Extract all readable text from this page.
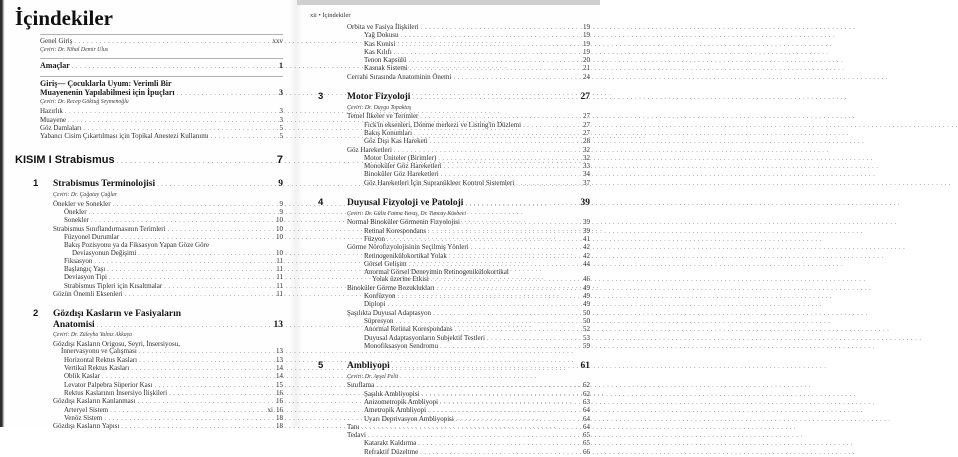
İçindekiler
Genel Giriş . . .	xxv
Çeviri: Dr. Nihal Demir Ulus
Amaçlar . . .	1
Giriş— Çocuklarla Uyum: Verimli Bir
Muayenenin Yapılabilmesi için İpuçları . . .	3
Çeviri: Dr. Recep Göktuğ Seymenoğlu
Hazırlık . . .	3
Muayene . . .	3
Göz Damlaları . . .	5
Yabancı Cisim Çıkartılması için Topikal Anestezi Kullanımı . . .	5
KISIM I Strabismus . . .	7
1	Strabismus Terminolojisi . . .	9
Çeviri: Dr. Çağatay Çağlar
Önekler ve Sonekler . . .	9
Önekler . . .	9
Sonekler . . .	10
Strabismus Sınıflandırmasının Terimleri . . .	10
Füzyonel Durumlar . . .	10
Bakış Pozisyonu ya da Fiksasyon Yapan Göze Göre
Deviasyonun Değişimi . . .	10
Fiksasyon . . .	11
Başlangıç Yaşı . . .	11
Deviasyon Tipi . . .	11
Strabismus Tipleri için Kısaltmalar . . .	11
Gözün Önemli Eksenleri . . .	11
2	Gözdışı Kasların ve Fasiyaların
Anatomisi . . .	13
Çeviri: Dr. Züleyha Yalnız Akkaya
Gözdışı Kasların Origosu, Seyri, İnsersiyosu,
İnnervasyonu ve Çalışması . . .	13
Horizontal Rektus Kasları . . .	13
Vertikal Rektus Kasları . . .	14
Oblik Kaslar . . .	14
Levator Palpebra Süperior Kası . . .	15
Rektus Kaslarının İnsersiyo İlişkileri . . .	16
Gözdışı Kasların Kanlanması . . .	16
Arteryel Sistem . . .	16
Venöz Sistem . . .	18
Gözdışı Kasların Yapısı . . .	18
xi
xii • İçindekiler
Orbita ve Fasiya İlişkileri . . .	19
Yağ Dokusu . . .	19
Kas Konisi . . .	19
Kas Kılıfı . . .	19
Tenon Kapsülü . . .	20
Kasnak Sistemi . . .	21
Cerrahi Sırasında Anatominin Önemi . . .	24
3	Motor Fizyoloji . . .	27
Çeviri: Dr. Duygu Topaktaş
Temel İlkeler ve Terimler . . .	27
Fick'in eksenleri, Dönme merkezi ve Listing'in Düzlemi . . .	27
Bakış Konumları . . .	27
Göz Dışı Kas Hareketi . . .	28
Göz Hareketleri . . .	32
Motor Üniteler (Birimler) . . .	32
Monoküler Göz Hareketleri . . .	33
Binoküler Göz Hareketleri . . .	34
Göz Hareketleri İçin Supranükleer Kontrol Sistemleri . . .	37
4	Duyusal Fizyoloji ve Patoloji . . .	39
Çeviri: Dr. Güliz Fatma Yavaş, Dr. Tuncay Küsbeci
Normal Binoküler Görmenin Fizyolojisi . . .	39
Retinal Korespondans . . .	39
Füzyon . . .	41
Görme Nörofizyolojisinin Seçilmiş Yönleri . . .	42
Retinogenikülokortikal Yolak . . .	42
Görsel Gelişim . . .	44
Anormal Görsel Deneyimin Retinogenikülokortikal
Yolak üzerine Etkisi . . .	46
Binoküler Görme Bozuklukları . . .	49
Konfüzyon . . .	49
Diplopi . . .	49
Şaşılıkta Duyusal Adaptasyon . . .	50
Süpresyon . . .	50
Anormal Retinal Korespondans . . .	52
Duyusal Adaptasyonların Subjektif Testleri . . .	53
Monofiksasyon Sendromu . . .	59
5	Ambliyopi . . .	61
Çeviri: Dr. Ayşel Pelit
Sınıflama . . .	62
Şaşılık Ambliyopisi . . .	62
Anizometropik Ambliyopi . . .	63
Ametropik Ambliyopi . . .	64
Uyarı Deprivasyon Ambliyopisi . . .	64
Tanı . . .	64
Tedavi . . .	65
Katarakt Kaldırma . . .	65
Refraktif Düzeltme . . .	66
